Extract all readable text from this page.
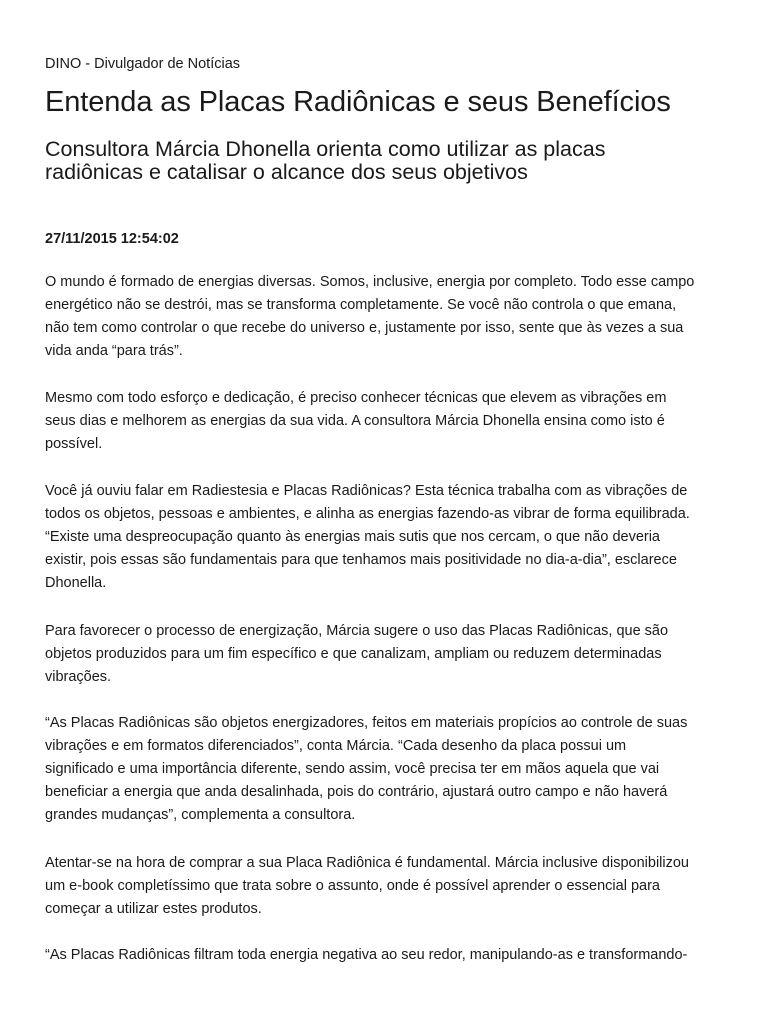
DINO - Divulgador de Notícias
Entenda as Placas Radiônicas e seus Benefícios
Consultora Márcia Dhonella orienta como utilizar as placas
radiônicas e catalisar o alcance dos seus objetivos
27/11/2015 12:54:02

O mundo é formado de energias diversas. Somos, inclusive, energia por completo. Todo esse campo
energético não se destrói, mas se transforma completamente. Se você não controla o que emana,
não tem como controlar o que recebe do universo e, justamente por isso, sente que às vezes a sua
vida anda “para trás”.

Mesmo com todo esforço e dedicação, é preciso conhecer técnicas que elevem as vibrações em
seus dias e melhorem as energias da sua vida. A consultora Márcia Dhonella ensina como isto é
possível.

Você já ouviu falar em Radiestesia e Placas Radiônicas? Esta técnica trabalha com as vibrações de
todos os objetos, pessoas e ambientes, e alinha as energias fazendo-as vibrar de forma equilibrada.
“Existe uma despreocupação quanto às energias mais sutis que nos cercam, o que não deveria
existir, pois essas são fundamentais para que tenhamos mais positividade no dia-a-dia”, esclarece
Dhonella.

Para favorecer o processo de energização, Márcia sugere o uso das Placas Radiônicas, que são
objetos produzidos para um fim específico e que canalizam, ampliam ou reduzem determinadas
vibrações.

“As Placas Radiônicas são objetos energizadores, feitos em materiais propícios ao controle de suas
vibrações e em formatos diferenciados”, conta Márcia. “Cada desenho da placa possui um
significado e uma importância diferente, sendo assim, você precisa ter em mãos aquela que vai
beneficiar a energia que anda desalinhada, pois do contrário, ajustará outro campo e não haverá
grandes mudanças”, complementa a consultora.

Atentar-se na hora de comprar a sua Placa Radiônica é fundamental. Márcia inclusive disponibilizou
um e-book completíssimo que trata sobre o assunto, onde é possível aprender o essencial para
começar a utilizar estes produtos.

“As Placas Radiônicas filtram toda energia negativa ao seu redor, manipulando-as e transformando-
